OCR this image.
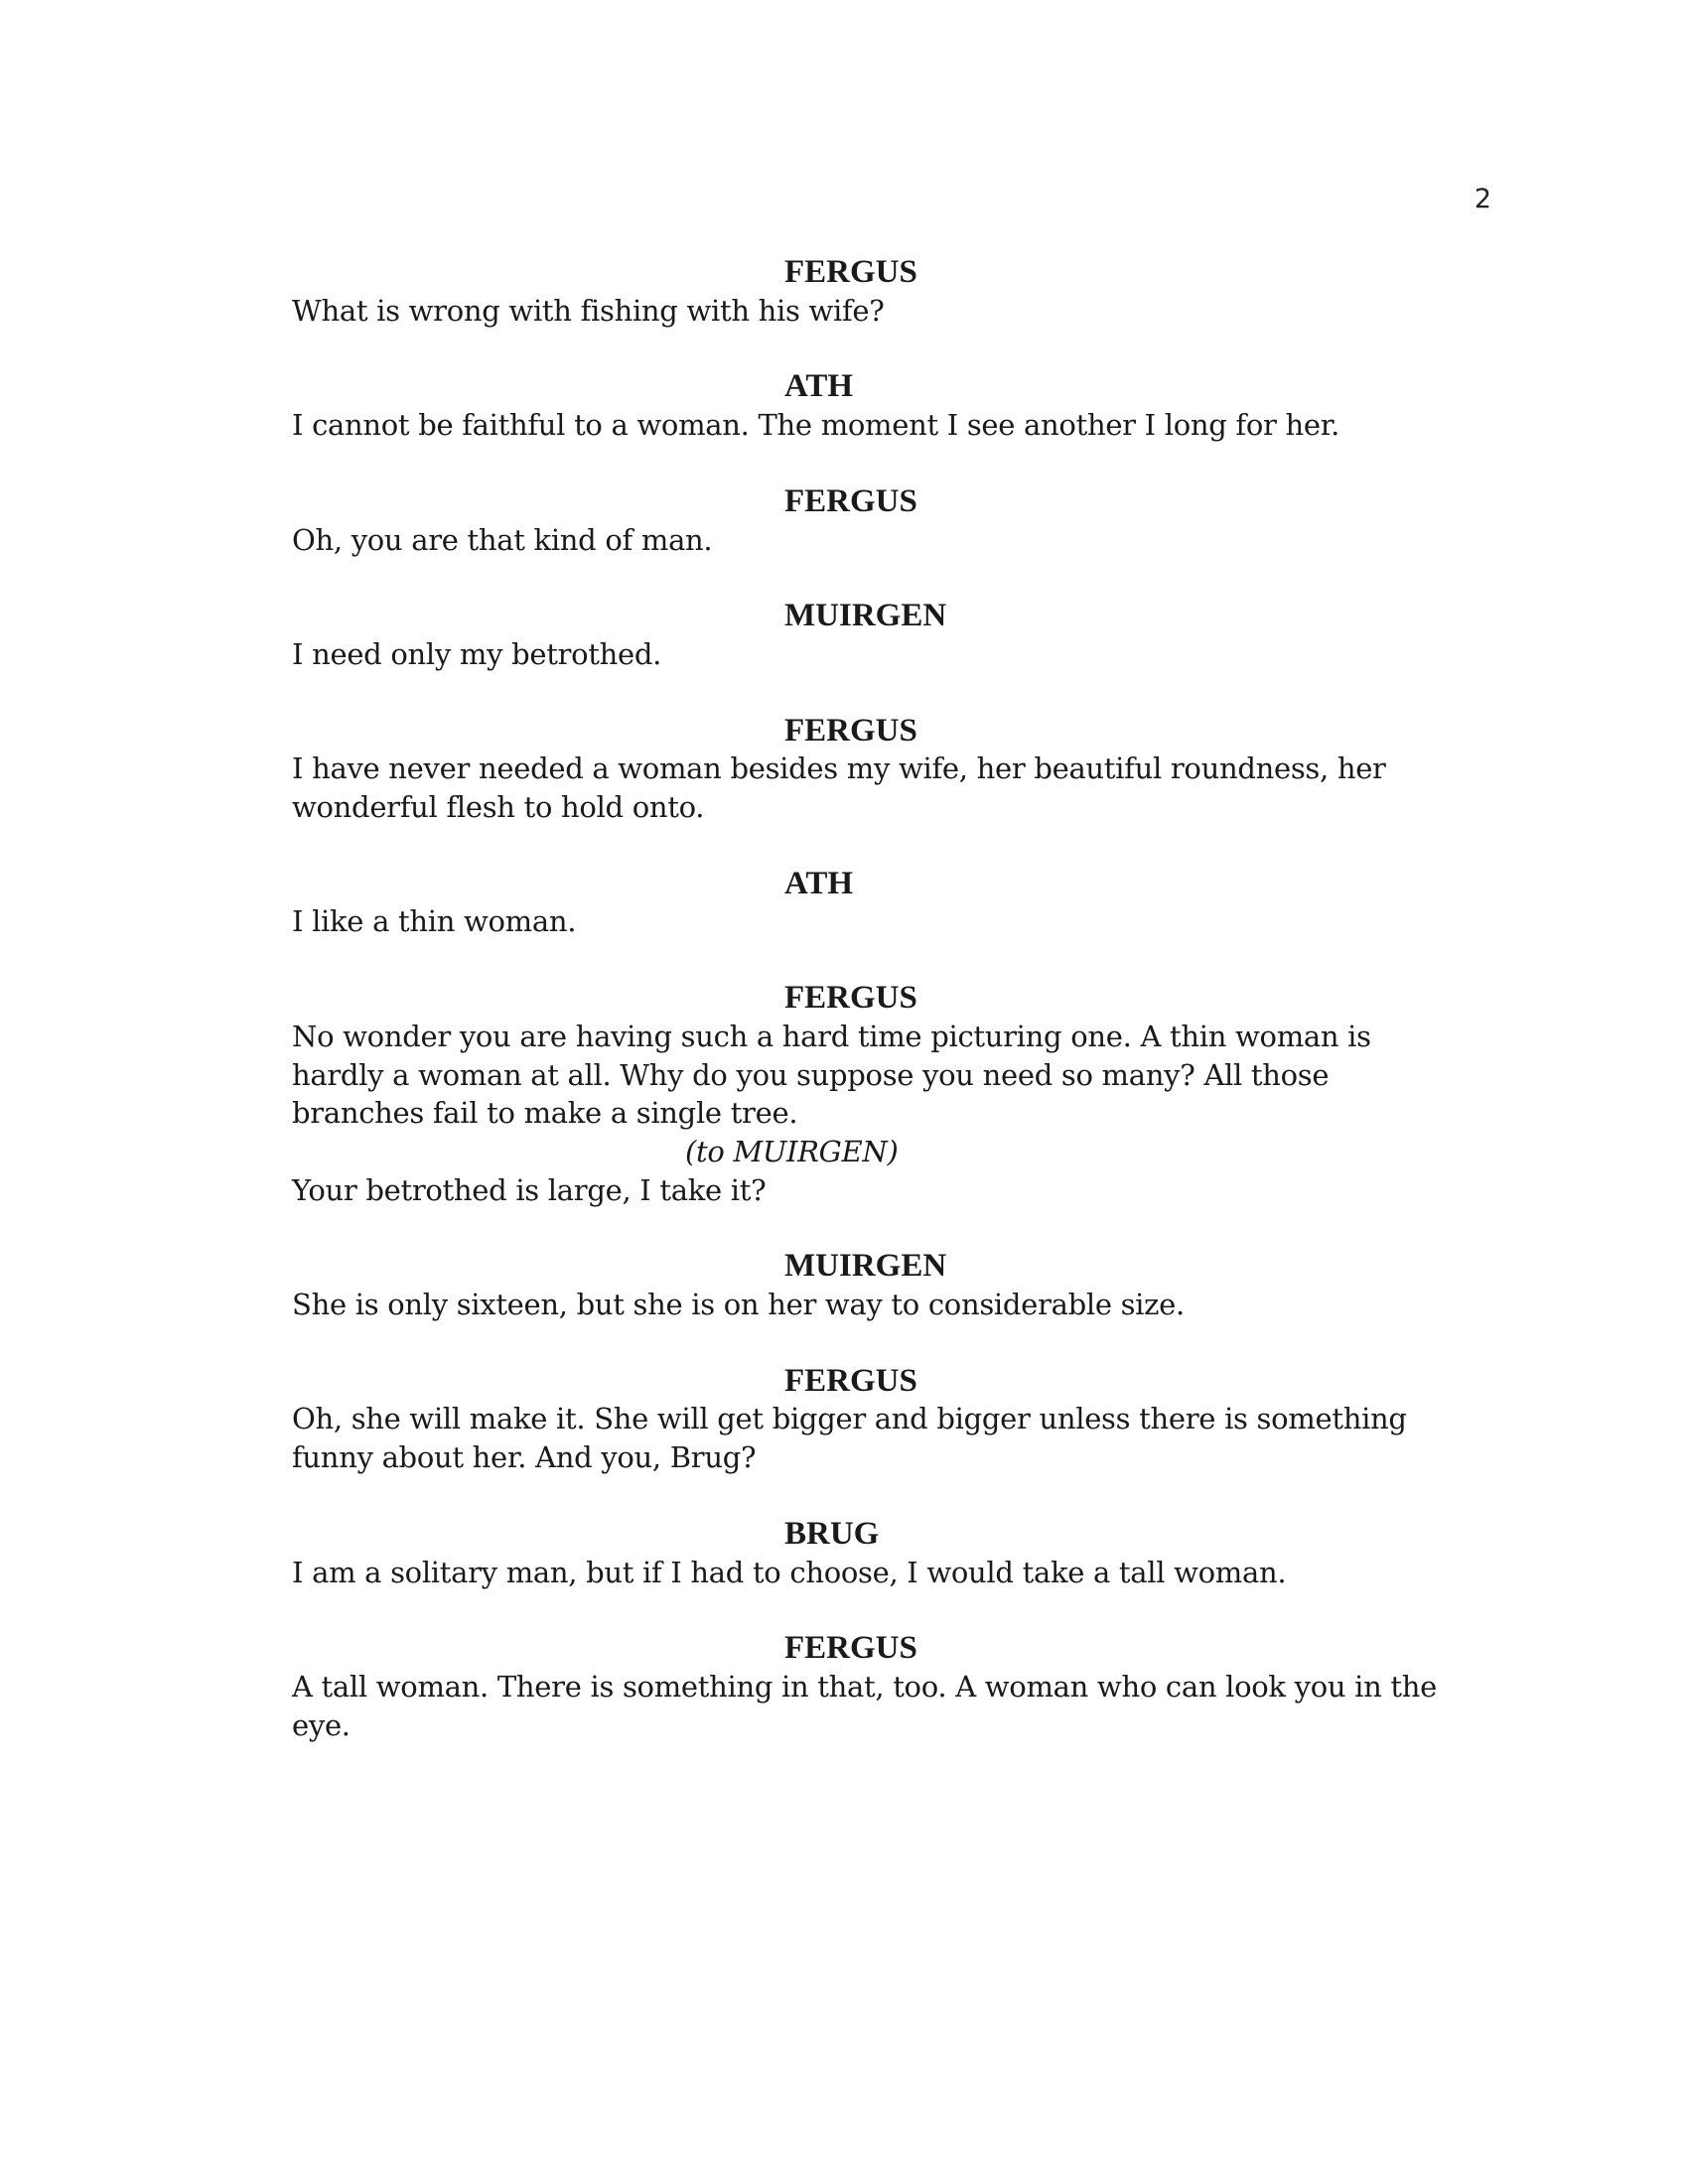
2
FERGUS
What is wrong with fishing with his wife?
ATH
I cannot be faithful to a woman. The moment I see another I long for her.
FERGUS
Oh, you are that kind of man.
MUIRGEN
I need only my betrothed.
FERGUS
I have never needed a woman besides my wife, her beautiful roundness, her
wonderful flesh to hold onto.
ATH
I like a thin woman.
FERGUS
No wonder you are having such a hard time picturing one. A thin woman is
hardly a woman at all. Why do you suppose you need so many? All those
branches fail to make a single tree.
(to MUIRGEN)
Your betrothed is large, I take it?
MUIRGEN
She is only sixteen, but she is on her way to considerable size.
FERGUS
Oh, she will make it. She will get bigger and bigger unless there is something
funny about her. And you, Brug?
BRUG
I am a solitary man, but if I had to choose, I would take a tall woman.
FERGUS
A tall woman. There is something in that, too. A woman who can look you in the
eye.
